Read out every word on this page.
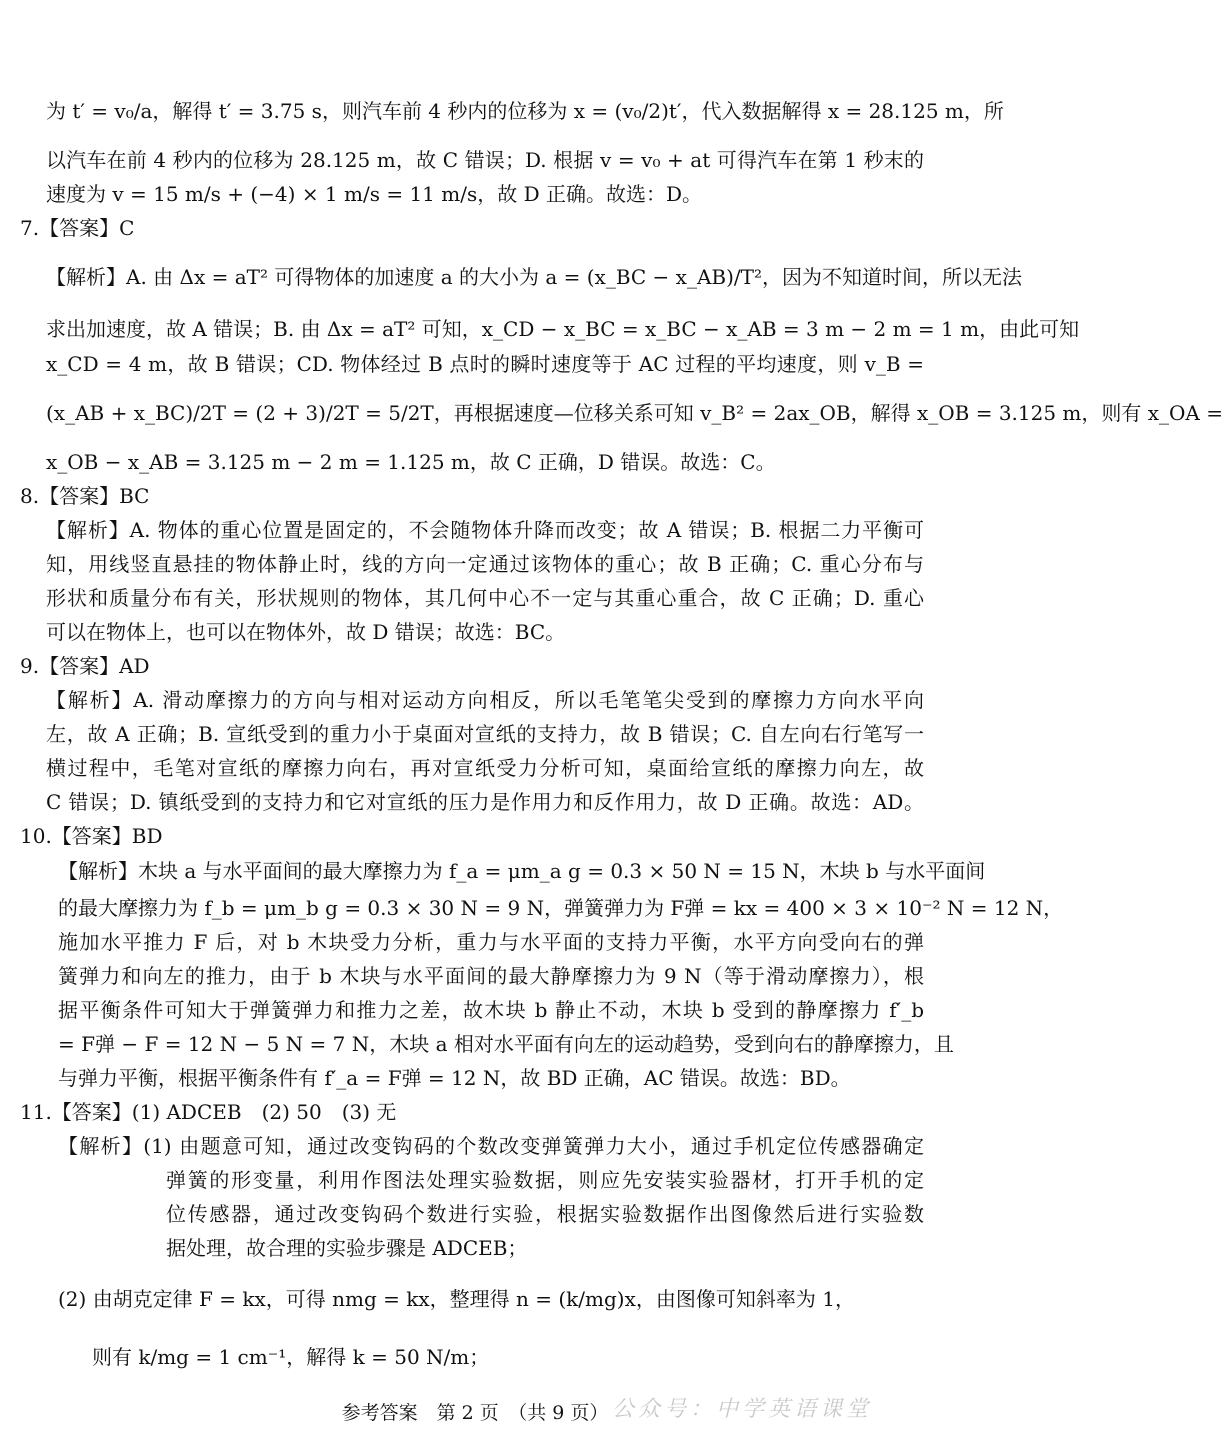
为 t′ = v₀/a，解得 t′ = 3.75 s，则汽车前 4 秒内的位移为 x = (v₀/2)t′，代入数据解得 x = 28.125 m，所
以汽车在前 4 秒内的位移为 28.125 m，故 C 错误；D. 根据 v = v₀ + at 可得汽车在第 1 秒末的
速度为 v = 15 m/s + (−4) × 1 m/s = 11 m/s，故 D 正确。故选：D。
7.【答案】C
【解析】A. 由 Δx = aT² 可得物体的加速度 a 的大小为 a = (x_BC − x_AB)/T²，因为不知道时间，所以无法
求出加速度，故 A 错误；B. 由 Δx = aT² 可知，x_CD − x_BC = x_BC − x_AB = 3 m − 2 m = 1 m，由此可知
x_CD = 4 m，故 B 错误；CD. 物体经过 B 点时的瞬时速度等于 AC 过程的平均速度，则 v_B =
(x_AB + x_BC)/2T = (2 + 3)/2T = 5/2T，再根据速度—位移关系可知 v_B² = 2ax_OB，解得 x_OB = 3.125 m，则有 x_OA =
x_OB − x_AB = 3.125 m − 2 m = 1.125 m，故 C 正确，D 错误。故选：C。
8.【答案】BC
【解析】A. 物体的重心位置是固定的，不会随物体升降而改变；故 A 错误；B. 根据二力平衡可
知，用线竖直悬挂的物体静止时，线的方向一定通过该物体的重心；故 B 正确；C. 重心分布与
形状和质量分布有关，形状规则的物体，其几何中心不一定与其重心重合，故 C 正确；D. 重心
可以在物体上，也可以在物体外，故 D 错误；故选：BC。
9.【答案】AD
【解析】A. 滑动摩擦力的方向与相对运动方向相反，所以毛笔笔尖受到的摩擦力方向水平向
左，故 A 正确；B. 宣纸受到的重力小于桌面对宣纸的支持力，故 B 错误；C. 自左向右行笔写一
横过程中，毛笔对宣纸的摩擦力向右，再对宣纸受力分析可知，桌面给宣纸的摩擦力向左，故
C 错误；D. 镇纸受到的支持力和它对宣纸的压力是作用力和反作用力，故 D 正确。故选：AD。
10.【答案】BD
【解析】木块 a 与水平面间的最大摩擦力为 f_a = μm_a g = 0.3 × 50 N = 15 N，木块 b 与水平面间
的最大摩擦力为 f_b = μm_b g = 0.3 × 30 N = 9 N，弹簧弹力为 F弹 = kx = 400 × 3 × 10⁻² N = 12 N，
施加水平推力 F 后，对 b 木块受力分析，重力与水平面的支持力平衡，水平方向受向右的弹
簧弹力和向左的推力，由于 b 木块与水平面间的最大静摩擦力为 9 N（等于滑动摩擦力），根
据平衡条件可知大于弹簧弹力和推力之差，故木块 b 静止不动，木块 b 受到的静摩擦力 f′_b
= F弹 − F = 12 N − 5 N = 7 N，木块 a 相对水平面有向左的运动趋势，受到向右的静摩擦力，且
与弹力平衡，根据平衡条件有 f′_a = F弹 = 12 N，故 BD 正确，AC 错误。故选：BD。
11.【答案】(1) ADCEB　(2) 50　(3) 无
【解析】(1) 由题意可知，通过改变钩码的个数改变弹簧弹力大小，通过手机定位传感器确定
弹簧的形变量，利用作图法处理实验数据，则应先安装实验器材，打开手机的定
位传感器，通过改变钩码个数进行实验，根据实验数据作出图像然后进行实验数
据处理，故合理的实验步骤是 ADCEB；
(2) 由胡克定律 F = kx，可得 nmg = kx，整理得 n = (k/mg)x，由图像可知斜率为 1，
则有 k/mg = 1 cm⁻¹，解得 k = 50 N/m；
参考答案　第 2 页　（共 9 页） 公众号：中学英语课堂
